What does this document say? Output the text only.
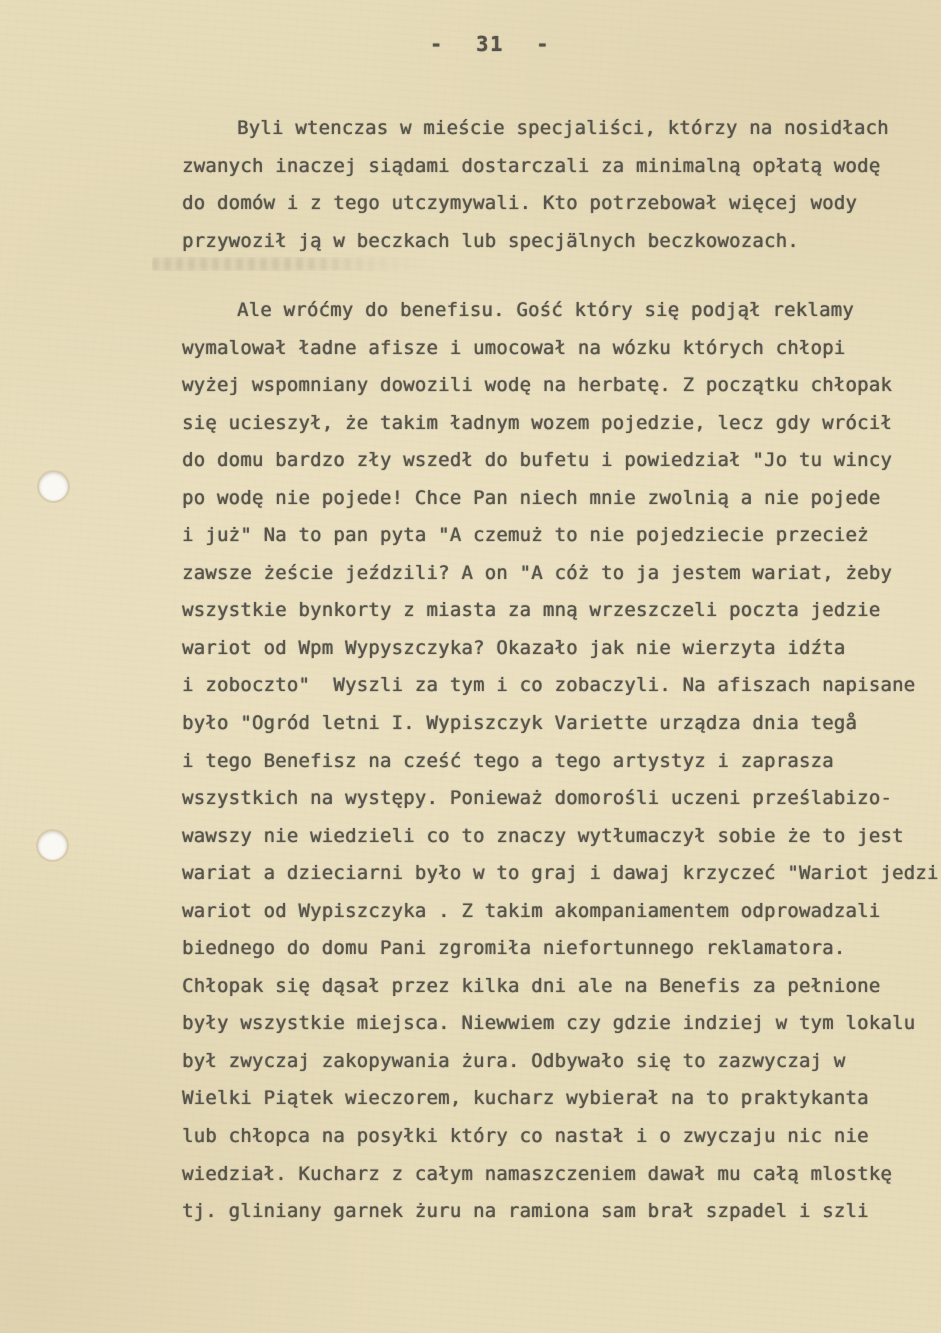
- 31 -
Byli wtenczas w mieście specjaliści, którzy na nosidłach
zwanych inaczej siądami dostarczali za minimalną opłatą wodę
do domów i z tego utczymywali. Kto potrzebował więcej wody
przywoził ją w beczkach lub specjälnych beczkowozach.
Ale wróćmy do benefisu. Gość który się podjął reklamy
wymalował ładne afisze i umocował na wózku których chłopi
wyżej wspomniany dowozili wodę na herbatę. Z początku chłopak
się ucieszył, że takim ładnym wozem pojedzie, lecz gdy wrócił
do domu bardzo zły wszedł do bufetu i powiedział "Jo tu wincy
po wodę nie pojede! Chce Pan niech mnie zwolnią a nie pojede
i już" Na to pan pyta "A czemuż to nie pojedziecie przecież
zawsze żeście jeździli? A on "A cóż to ja jestem wariat, żeby
wszystkie bynkorty z miasta za mną wrzeszczeli poczta jedzie
wariot od Wpm Wypyszczyka? Okazało jak nie wierzyta idźta
i zoboczto"  Wyszli za tym i co zobaczyli. Na afiszach napisane
było "Ogród letni I. Wypiszczyk Variette urządza dnia tegå
i tego Benefisz na cześć tego a tego artystyz i zaprasza
wszystkich na występy. Ponieważ domorośli uczeni prześlabizo-
wawszy nie wiedzieli co to znaczy wytłumaczył sobie że to jest
wariat a dzieciarni było w to graj i dawaj krzyczeć "Wariot jedzi
wariot od Wypiszczyka . Z takim akompaniamentem odprowadzali
biednego do domu Pani zgromiła niefortunnego reklamatora.
Chłopak się dąsał przez kilka dni ale na Benefis za pełnione
były wszystkie miejsca. Niewwiem czy gdzie indziej w tym lokalu
był zwyczaj zakopywania żura. Odbywało się to zazwyczaj w
Wielki Piątek wieczorem, kucharz wybierał na to praktykanta
lub chłopca na posyłki który co nastał i o zwyczaju nic nie
wiedział. Kucharz z całym namaszczeniem dawał mu całą mlostkę
tj. gliniany garnek żuru na ramiona sam brał szpadel i szli
